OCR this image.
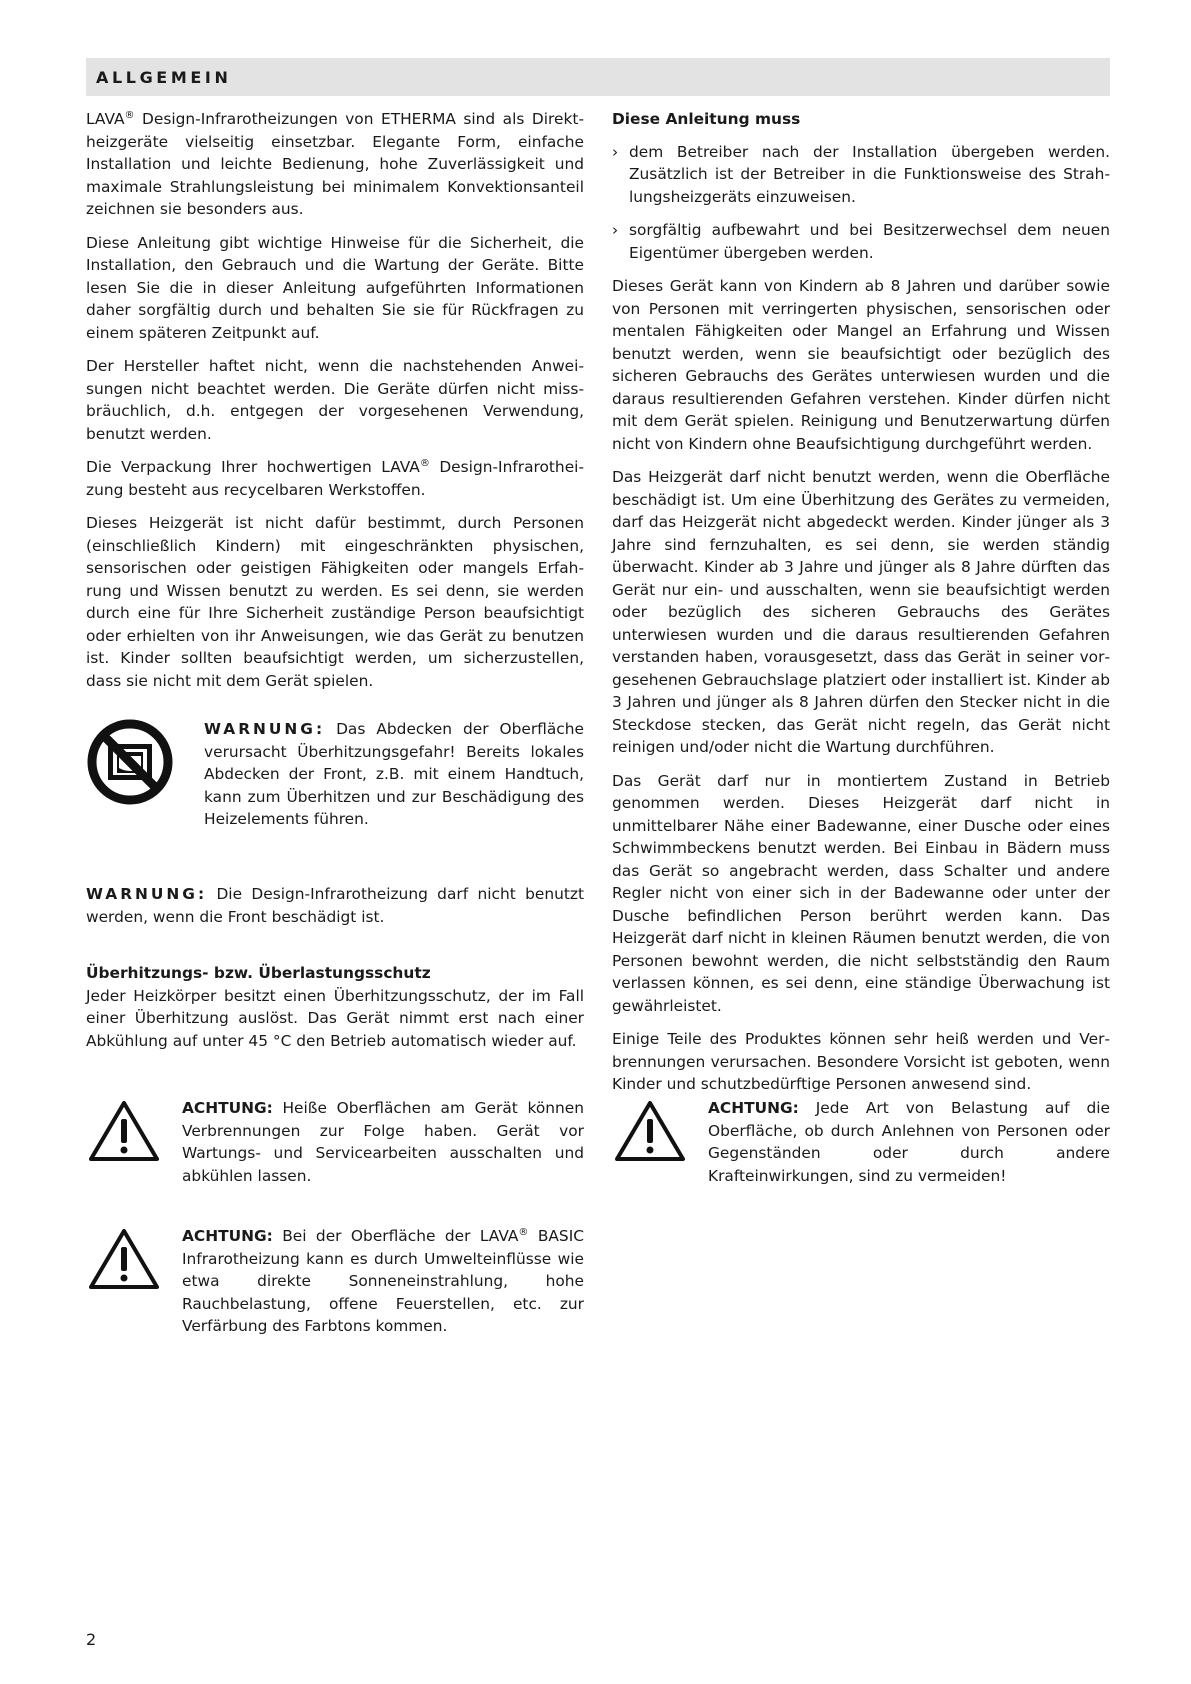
ALLGEMEIN

LAVA® Design-Infrarotheizungen von ETHERMA sind als Direktheizgeräte vielseitig einsetzbar. Elegante Form, einfache Installation und leichte Bedienung, hohe Zuverlässigkeit und maximale Strahlungsleistung bei minimalem Konvektionsanteil zeichnen sie besonders aus.

Diese Anleitung gibt wichtige Hinweise für die Sicherheit, die Installation, den Gebrauch und die Wartung der Geräte. Bitte lesen Sie die in dieser Anleitung aufgeführten Informationen daher sorgfältig durch und behalten Sie sie für Rückfragen zu einem späteren Zeitpunkt auf.

Der Hersteller haftet nicht, wenn die nachstehenden Anweisungen nicht beachtet werden. Die Geräte dürfen nicht missbräuchlich, d.h. entgegen der vorgesehenen Verwendung, benutzt werden.

Die Verpackung Ihrer hochwertigen LAVA® Design-Infrarotheizung besteht aus recycelbaren Werkstoffen.

Dieses Heizgerät ist nicht dafür bestimmt, durch Personen (einschließlich Kindern) mit eingeschränkten physischen, sensorischen oder geistigen Fähigkeiten oder mangels Erfahrung und Wissen benutzt zu werden. Es sei denn, sie werden durch eine für Ihre Sicherheit zuständige Person beaufsichtigt oder erhielten von ihr Anweisungen, wie das Gerät zu benutzen ist. Kinder sollten beaufsichtigt werden, um sicherzustellen, dass sie nicht mit dem Gerät spielen.

WARNUNG: Das Abdecken der Oberfläche verursacht Überhitzungsgefahr! Bereits lokales Abdecken der Front, z.B. mit einem Handtuch, kann zum Überhitzen und zur Beschädigung des Heizelements führen.
WARNUNG: Die Design-Infrarotheizung darf nicht benutzt werden, wenn die Front beschädigt ist.
Überhitzungs- bzw. Überlastungsschutz
Jeder Heizkörper besitzt einen Überhitzungsschutz, der im Fall einer Überhitzung auslöst. Das Gerät nimmt erst nach einer Abkühlung auf unter 45 °C den Betrieb automatisch wieder auf.
ACHTUNG: Heiße Oberflächen am Gerät können Verbrennungen zur Folge haben. Gerät vor Wartungs- und Servicearbeiten ausschalten und abkühlen lassen.
ACHTUNG: Bei der Oberfläche der LAVA® BASIC Infrarotheizung kann es durch Umwelteinflüsse wie etwa direkte Sonneneinstrahlung, hohe Rauchbelastung, offene Feuerstellen, etc. zur Verfärbung des Farbtons kommen.

Diese Anleitung muss

› dem Betreiber nach der Installation übergeben werden. Zusätzlich ist der Betreiber in die Funktionsweise des Strahlungsheizgeräts einzuweisen.
› sorgfältig aufbewahrt und bei Besitzerwechsel dem neuen Eigentümer übergeben werden.

Dieses Gerät kann von Kindern ab 8 Jahren und darüber sowie von Personen mit verringerten physischen, sensorischen oder mentalen Fähigkeiten oder Mangel an Erfahrung und Wissen benutzt werden, wenn sie beaufsichtigt oder bezüglich des sicheren Gebrauchs des Gerätes unterwiesen wurden und die daraus resultierenden Gefahren verstehen. Kinder dürfen nicht mit dem Gerät spielen. Reinigung und Benutzerwartung dürfen nicht von Kindern ohne Beaufsichtigung durchgeführt werden.

Das Heizgerät darf nicht benutzt werden, wenn die Oberfläche beschädigt ist. Um eine Überhitzung des Gerätes zu vermeiden, darf das Heizgerät nicht abgedeckt werden. Kinder jünger als 3 Jahre sind fernzuhalten, es sei denn, sie werden ständig überwacht. Kinder ab 3 Jahre und jünger als 8 Jahre dürften das Gerät nur ein- und ausschalten, wenn sie beaufsichtigt werden oder bezüglich des sicheren Gebrauchs des Gerätes unterwiesen wurden und die daraus resultierenden Gefahren verstanden haben, vorausgesetzt, dass das Gerät in seiner vorgesehenen Gebrauchslage platziert oder installiert ist. Kinder ab 3 Jahren und jünger als 8 Jahren dürfen den Stecker nicht in die Steckdose stecken, das Gerät nicht regeln, das Gerät nicht reinigen und/oder nicht die Wartung durchführen.

Das Gerät darf nur in montiertem Zustand in Betrieb genommen werden. Dieses Heizgerät darf nicht in unmittelbarer Nähe einer Badewanne, einer Dusche oder eines Schwimmbeckens benutzt werden. Bei Einbau in Bädern muss das Gerät so angebracht werden, dass Schalter und andere Regler nicht von einer sich in der Badewanne oder unter der Dusche befindlichen Person berührt werden kann. Das Heizgerät darf nicht in kleinen Räumen benutzt werden, die von Personen bewohnt werden, die nicht selbstständig den Raum verlassen können, es sei denn, eine ständige Überwachung ist gewährleistet.

Einige Teile des Produktes können sehr heiß werden und Verbrennungen verursachen. Besondere Vorsicht ist geboten, wenn Kinder und schutzbedürftige Personen anwesend sind.

ACHTUNG: Jede Art von Belastung auf die Oberfläche, ob durch Anlehnen von Personen oder Gegenständen oder durch andere Krafteinwirkungen, sind zu vermeiden!
2
